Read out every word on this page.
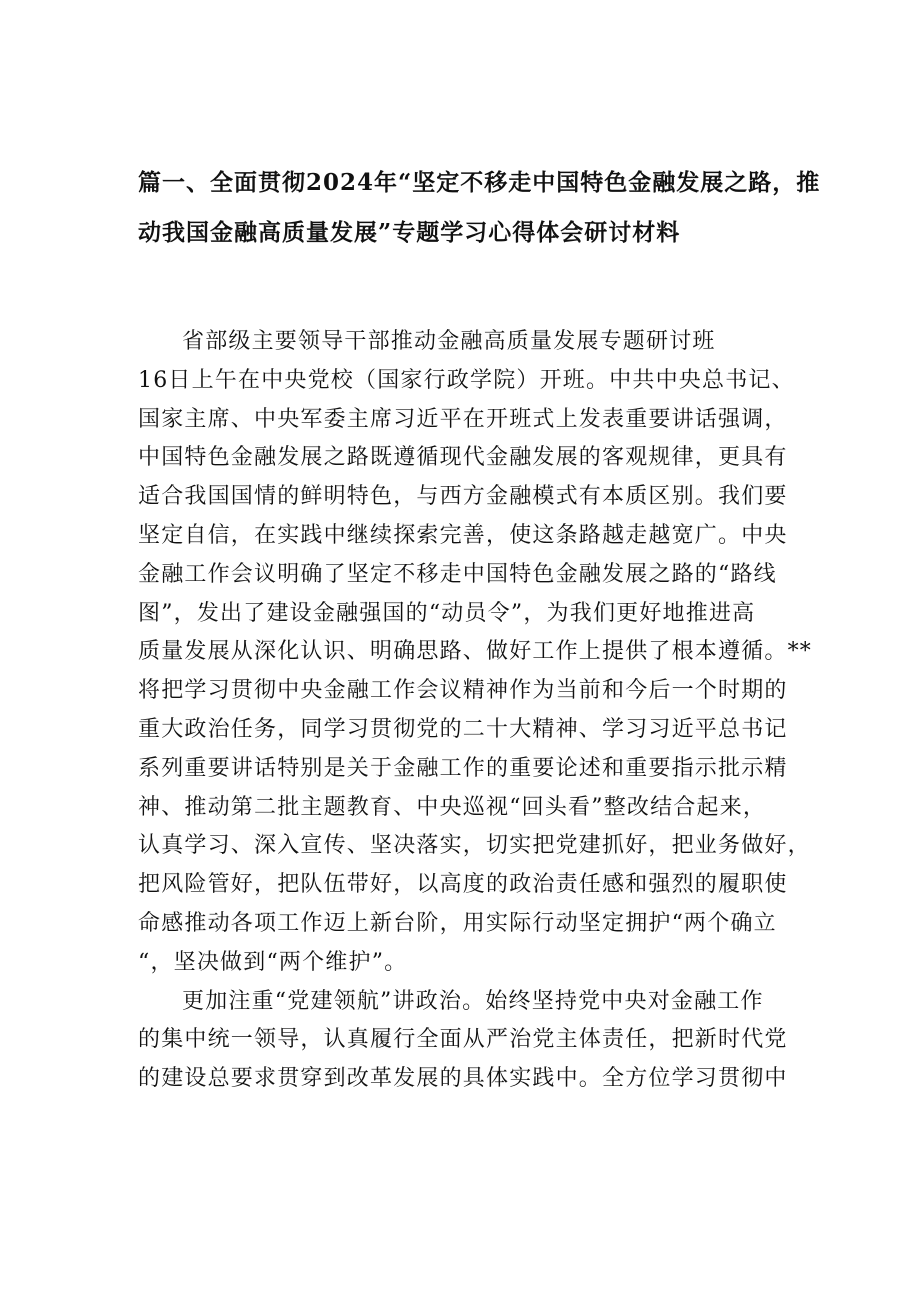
篇一、全面贯彻2024年“坚定不移走中国特色金融发展之路，推
动我国金融高质量发展”专题学习心得体会研讨材料
省部级主要领导干部推动金融高质量发展专题研讨班
16日上午在中央党校（国家行政学院）开班。中共中央总书记、
国家主席、中央军委主席习近平在开班式上发表重要讲话强调，
中国特色金融发展之路既遵循现代金融发展的客观规律，更具有
适合我国国情的鲜明特色，与西方金融模式有本质区别。我们要
坚定自信，在实践中继续探索完善，使这条路越走越宽广。中央
金融工作会议明确了坚定不移走中国特色金融发展之路的“路线
图”，发出了建设金融强国的“动员令”，为我们更好地推进高
质量发展从深化认识、明确思路、做好工作上提供了根本遵循。**
将把学习贯彻中央金融工作会议精神作为当前和今后一个时期的
重大政治任务，同学习贯彻党的二十大精神、学习习近平总书记
系列重要讲话特别是关于金融工作的重要论述和重要指示批示精
神、推动第二批主题教育、中央巡视“回头看”整改结合起来，
认真学习、深入宣传、坚决落实，切实把党建抓好，把业务做好，
把风险管好，把队伍带好，以高度的政治责任感和强烈的履职使
命感推动各项工作迈上新台阶，用实际行动坚定拥护“两个确立
“，坚决做到“两个维护”。
更加注重“党建领航”讲政治。始终坚持党中央对金融工作
的集中统一领导，认真履行全面从严治党主体责任，把新时代党
的建设总要求贯穿到改革发展的具体实践中。全方位学习贯彻中
